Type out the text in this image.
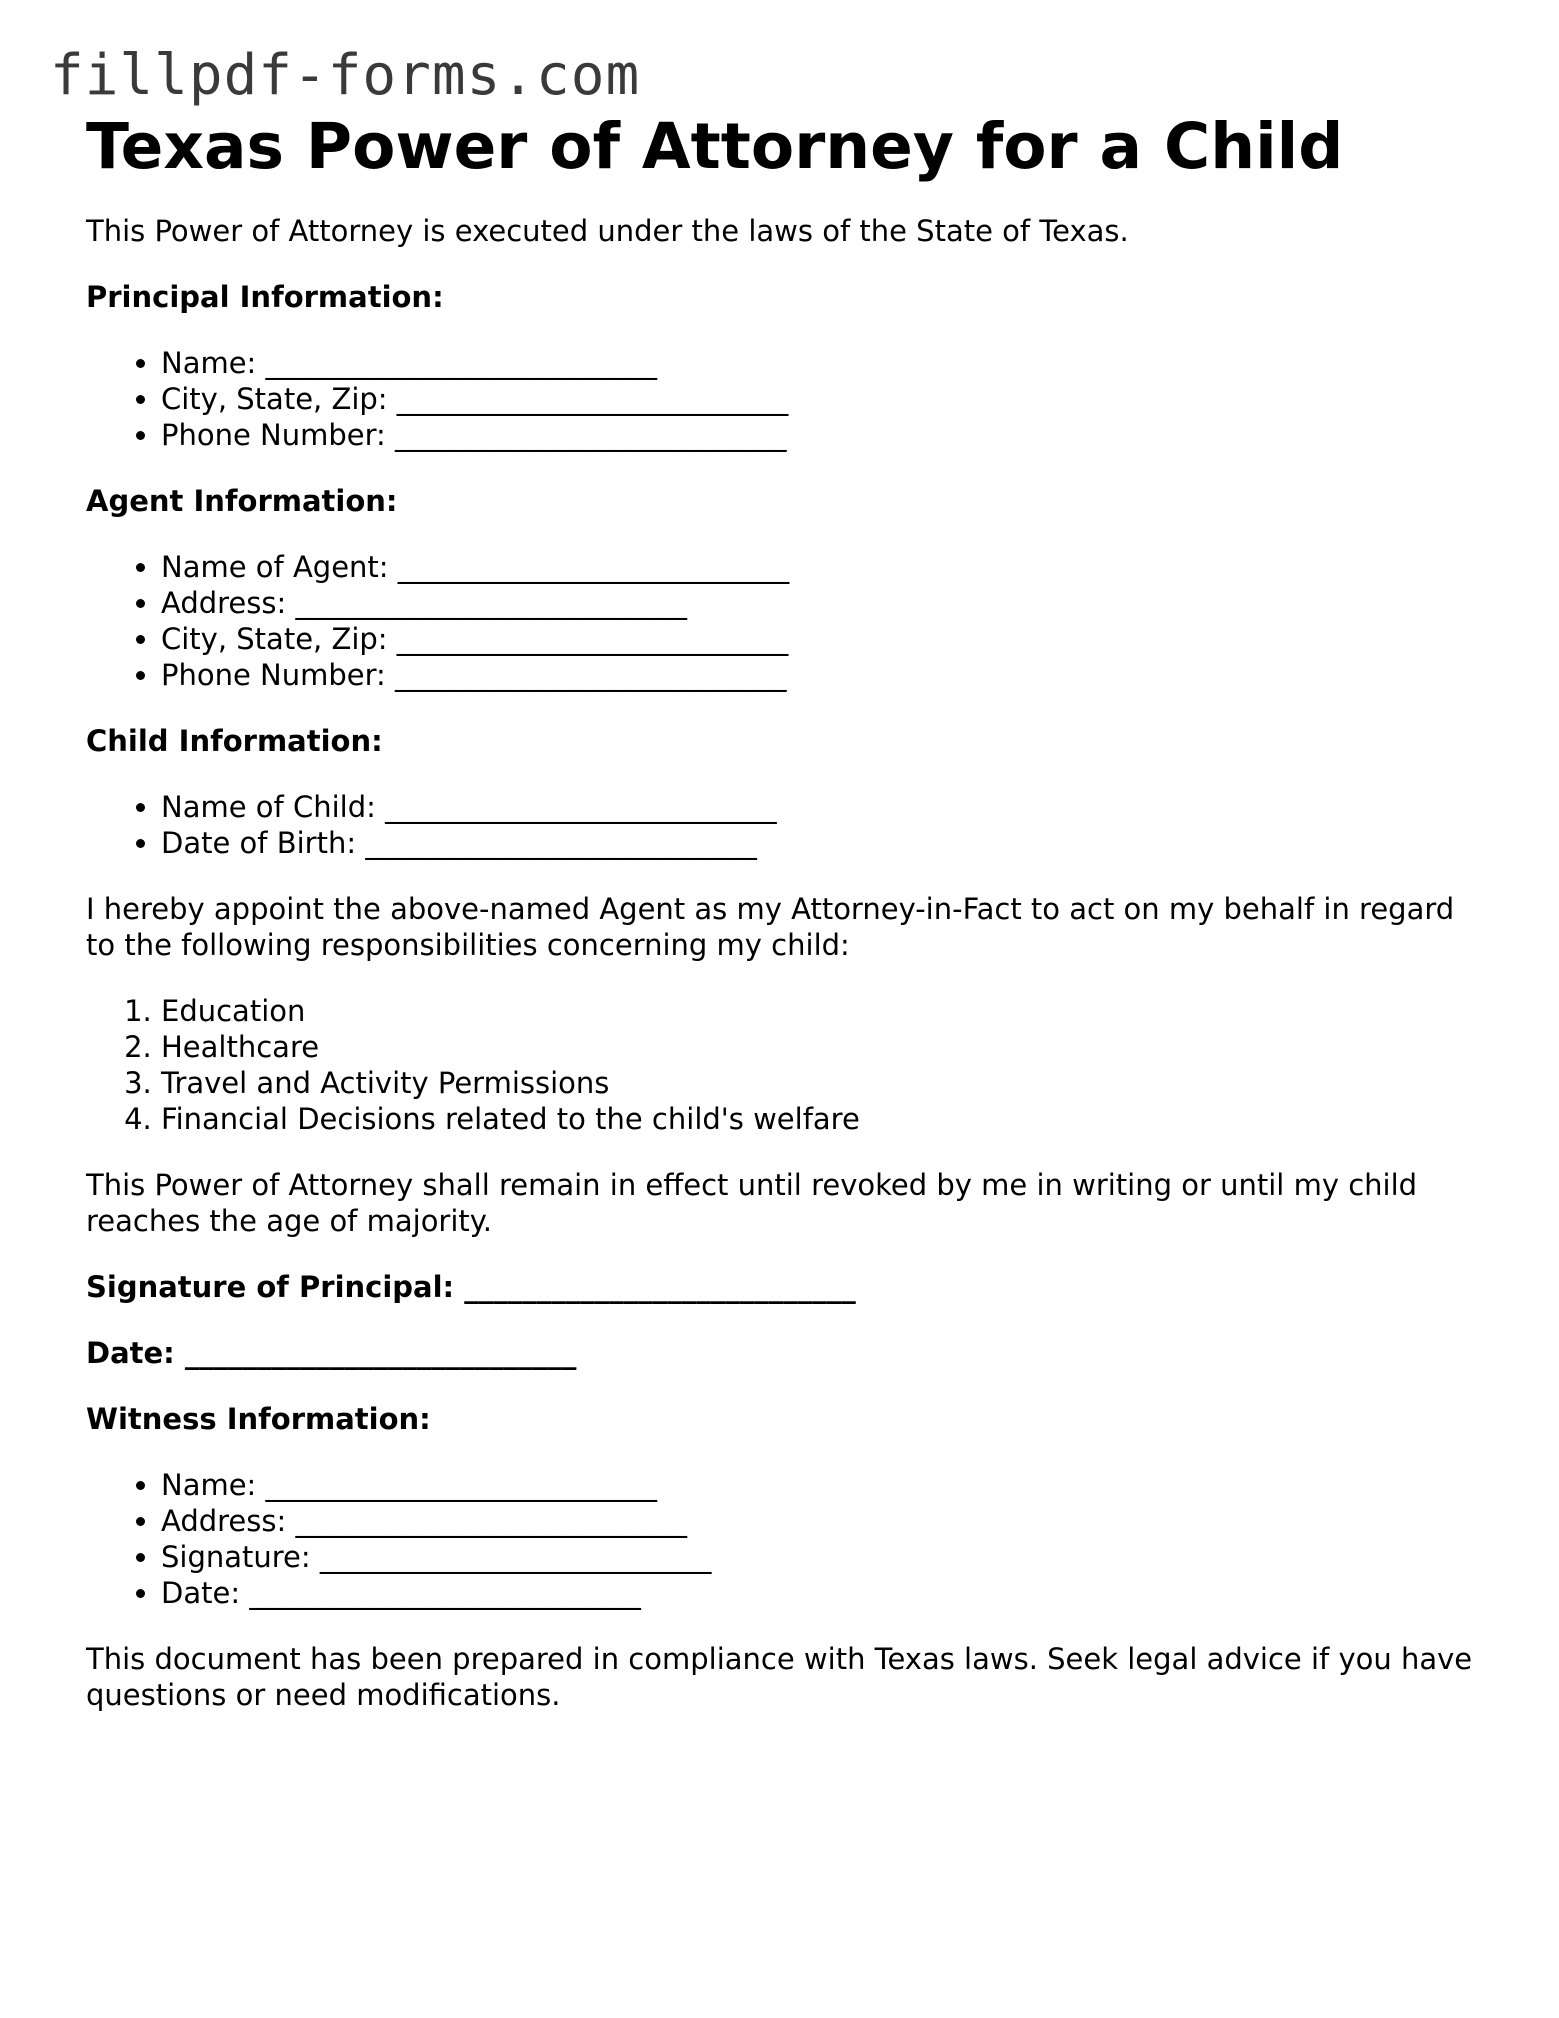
fillpdf-forms.com
Texas Power of Attorney for a Child

This Power of Attorney is executed under the laws of the State of Texas.

Principal Information:

• Name: ___________________________
• City, State, Zip: ___________________________
• Phone Number: ___________________________

Agent Information:

• Name of Agent: ___________________________
• Address: ___________________________
• City, State, Zip: ___________________________
• Phone Number: ___________________________

Child Information:

• Name of Child: ___________________________
• Date of Birth: ___________________________

I hereby appoint the above-named Agent as my Attorney-in-Fact to act on my behalf in regard to the following responsibilities concerning my child:

1. Education
2. Healthcare
3. Travel and Activity Permissions
4. Financial Decisions related to the child's welfare

This Power of Attorney shall remain in effect until revoked by me in writing or until my child reaches the age of majority.

Signature of Principal: ___________________________

Date: ___________________________

Witness Information:

• Name: ___________________________
• Address: ___________________________
• Signature: ___________________________
• Date: ___________________________

This document has been prepared in compliance with Texas laws. Seek legal advice if you have questions or need modifications.
